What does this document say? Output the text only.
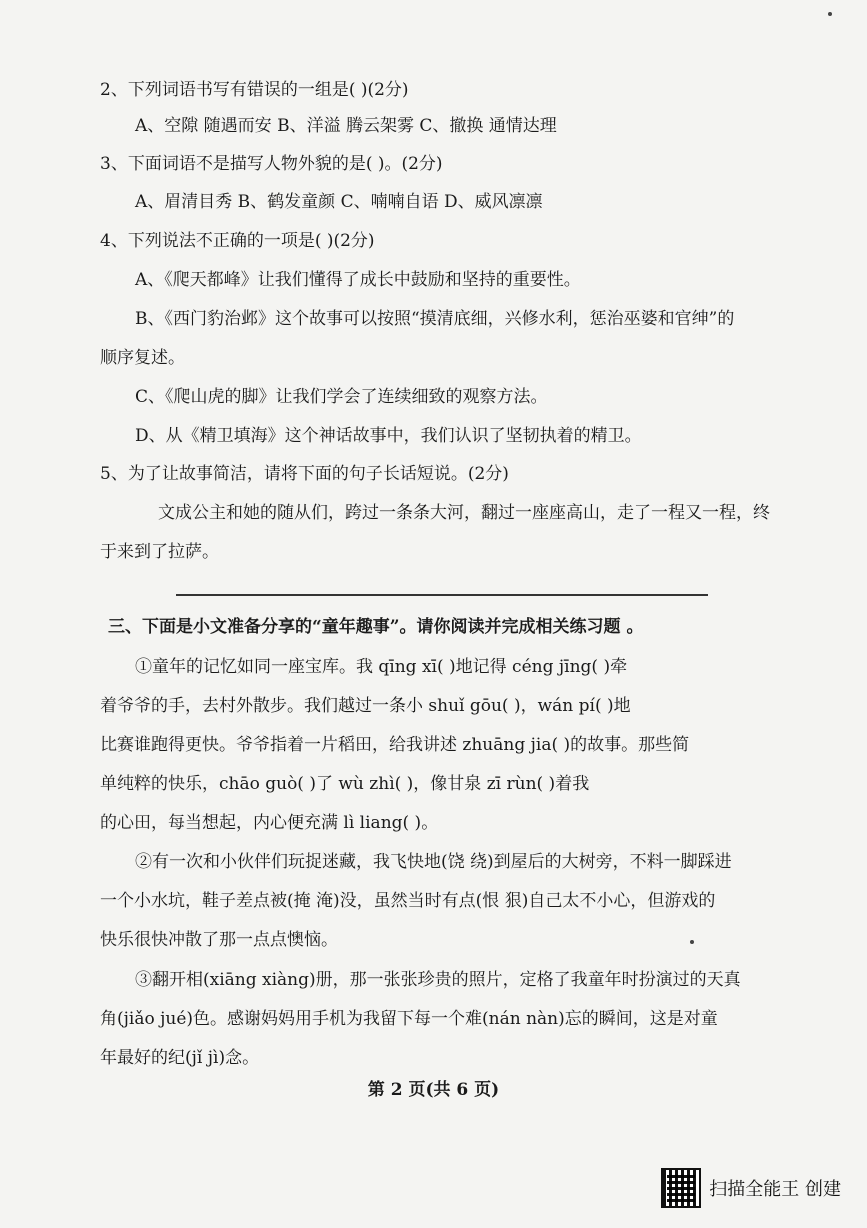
2、下列词语书写有错误的一组是( )(2分)
A、空隙 随遇而安 B、洋溢 腾云架雾 C、撤换 通情达理
3、下面词语不是描写人物外貌的是( )。(2分)
A、眉清目秀 B、鹤发童颜 C、喃喃自语 D、威风凛凛
4、下列说法不正确的一项是( )(2分)
A、《爬天都峰》让我们懂得了成长中鼓励和坚持的重要性。
B、《西门豹治邺》这个故事可以按照“摸清底细，兴修水利，惩治巫婆和官绅”的
顺序复述。
C、《爬山虎的脚》让我们学会了连续细致的观察方法。
D、从《精卫填海》这个神话故事中，我们认识了坚韧执着的精卫。
5、为了让故事简洁，请将下面的句子长话短说。(2分)
文成公主和她的随从们，跨过一条条大河，翻过一座座高山，走了一程又一程，终
于来到了拉萨。
三、下面是小文准备分享的“童年趣事”。请你阅读并完成相关练习题 。
①童年的记忆如同一座宝库。我 qīng xī( )地记得 céng jīng( )牵
着爷爷的手，去村外散步。我们越过一条小 shuǐ gōu( )，wán pí( )地
比赛谁跑得更快。爷爷指着一片稻田，给我讲述 zhuāng jia( )的故事。那些简
单纯粹的快乐，chāo guò( )了 wù zhì( )，像甘泉 zī rùn( )着我
的心田，每当想起，内心便充满 lì liang( )。
②有一次和小伙伴们玩捉迷藏，我飞快地(饶 绕)到屋后的大树旁，不料一脚踩进
一个小水坑，鞋子差点被(掩 淹)没，虽然当时有点(恨 狠)自己太不小心，但游戏的
快乐很快冲散了那一点点懊恼。
③翻开相(xiāng xiàng)册，那一张张珍贵的照片，定格了我童年时扮演过的天真
角(jiǎo jué)色。感谢妈妈用手机为我留下每一个难(nán nàn)忘的瞬间，这是对童
年最好的纪(jǐ jì)念。
第 2 页(共 6 页)
扫描全能王 创建
